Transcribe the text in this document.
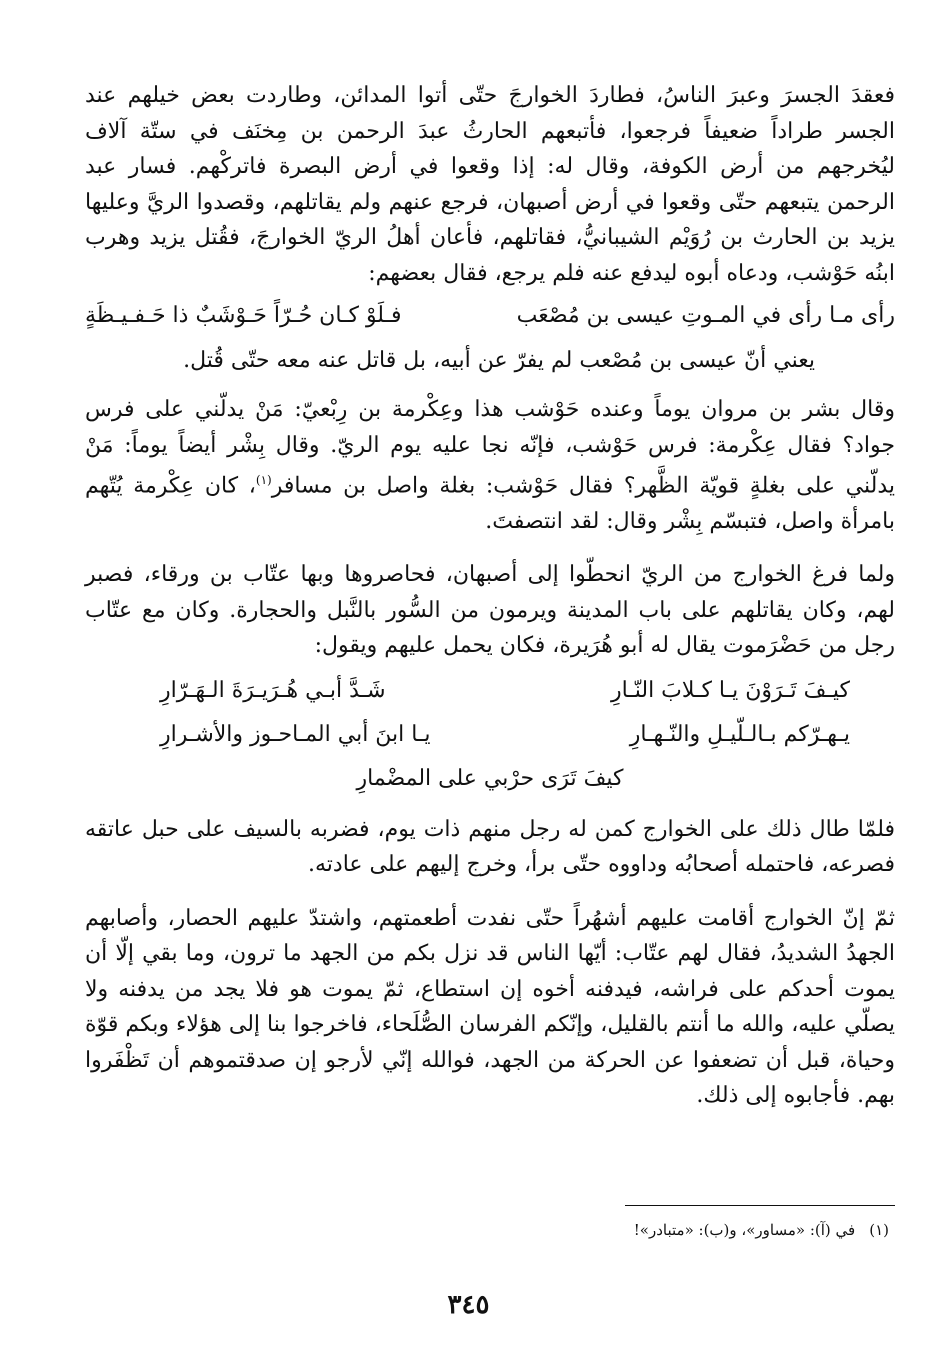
فعقدَ الجسرَ وعبرَ الناسُ، فطاردَ الخوارجَ حتّى أتوا المدائن، وطاردت بعض خيلهم عند الجسر طراداً ضعيفاً فرجعوا، فأتبعهم الحارثُ عبدَ الرحمن بن مِخنَف في ستّة آلاف ليُخرجهم من أرض الكوفة، وقال له: إذا وقعوا في أرض البصرة فاتركْهم. فسار عبد الرحمن يتبعهم حتّى وقعوا في أرض أصبهان، فرجع عنهم ولم يقاتلهم، وقصدوا الريَّ وعليها يزيد بن الحارث بن رُوَيْم الشيبانيُّ، فقاتلهم، فأعان أهلُ الريّ الخوارجَ، فقُتل يزيد وهرب ابنُه حَوْشب، ودعاه أبوه ليدفع عنه فلم يرجع، فقال بعضهم:

رأى مـا رأى في المـوتِ عيسى بن مُصْعَب
فـلَوْ كـان حُـرّاً حَـوْشَبٌ ذا حَـفـيـظَةٍ

يعني أنّ عيسى بن مُصْعب لم يفرّ عن أبيه، بل قاتل عنه معه حتّى قُتل.

وقال بشر بن مروان يوماً وعنده حَوْشب هذا وعِكْرمة بن رِبْعيّ: مَنْ يدلّني على فرس جواد؟ فقال عِكْرمة: فرس حَوْشب، فإنّه نجا عليه يوم الريّ. وقال بِشْر أيضاً يوماً: مَنْ يدلّني على بغلةٍ قويّة الظَّهر؟ فقال حَوْشب: بغلة واصل بن مسافر$^{(١)}$، كان عِكْرمة يُتّهم بامرأة واصل، فتبسّم بِشْر وقال: لقد انتصفتَ.

ولما فرغ الخوارج من الريّ انحطّوا إلى أصبهان، فحاصروها وبها عتّاب بن ورقاء، فصبر لهم، وكان يقاتلهم على باب المدينة ويرمون من السُّور بالنَّبل والحجارة. وكان مع عتّاب رجل من حَضْرَموت يقال له أبو هُرَيرة، فكان يحمل عليهم ويقول:

كيـفَ تَـرَوْنَ يـا كـلابَ النّـارِ
شَـدَّ أبـي هُـرَيـرَةَ الـهَـرّارِ
يـهـرّكم بـالـلّيـلِ والنّـهـارِ
يـا ابنَ أبي المـاحـوز والأشـرارِ
كيفَ تَرَى حرْبي على المضْمارِ

فلمّا طال ذلك على الخوارج كمن له رجل منهم ذات يوم، فضربه بالسيف على حبل عاتقه فصرعه، فاحتمله أصحابُه وداووه حتّى برأ، وخرج إليهم على عادته.

ثمّ إنّ الخوارج أقامت عليهم أشهُراً حتّى نفدت أطعمتهم، واشتدّ عليهم الحصار، وأصابهم الجهدُ الشديدُ، فقال لهم عتّاب: أيّها الناس قد نزل بكم من الجهد ما ترون، وما بقي إلّا أن يموت أحدكم على فراشه، فيدفنه أخوه إن استطاع، ثمّ يموت هو فلا يجد من يدفنه ولا يصلّي عليه، والله ما أنتم بالقليل، وإنّكم الفرسان الصُّلَحاء، فاخرجوا بنا إلى هؤلاء وبكم قوّة وحياة، قبل أن تضعفوا عن الحركة من الجهد، فوالله إنّي لأرجو إن صدقتموهم أن تَظْفَروا بهم. فأجابوه إلى ذلك.

(١)في (آ): «مساور»، و(ب): «متبادر»!
٣٤٥
